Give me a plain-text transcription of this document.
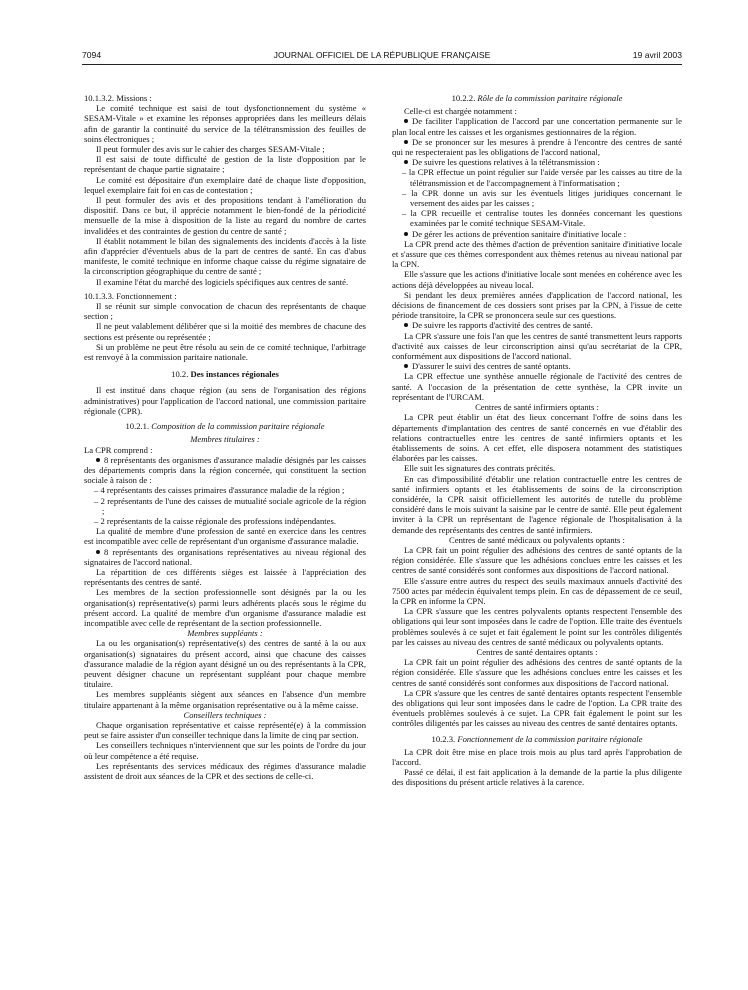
7094	JOURNAL OFFICIEL DE LA RÉPUBLIQUE FRANÇAISE	19 avril 2003

10.1.3.2. Missions :

Le comité technique est saisi de tout dysfonctionnement du système « SESAM-Vitale » et examine les réponses appropriées dans les meilleurs délais afin de garantir la continuité du service de la télétransmission des feuilles de soins électroniques ;

Il peut formuler des avis sur le cahier des charges SESAM-Vitale ;

Il est saisi de toute difficulté de gestion de la liste d'opposition par le représentant de chaque partie signataire ;

Le comité est dépositaire d'un exemplaire daté de chaque liste d'opposition, lequel exemplaire fait foi en cas de contestation ;

Il peut formuler des avis et des propositions tendant à l'amélioration du dispositif. Dans ce but, il apprécie notamment le bien-fondé de la périodicité mensuelle de la mise à disposition de la liste au regard du nombre de cartes invalidées et des contraintes de gestion du centre de santé ;

Il établit notamment le bilan des signalements des incidents d'accès à la liste afin d'apprécier d'éventuels abus de la part de centres de santé. En cas d'abus manifeste, le comité technique en informe chaque caisse du régime signataire de la circonscription géographique du centre de santé ;

Il examine l'état du marché des logiciels spécifiques aux centres de santé.

10.1.3.3. Fonctionnement :

Il se réunit sur simple convocation de chacun des représentants de chaque section ;

Il ne peut valablement délibérer que si la moitié des membres de chacune des sections est présente ou représentée ;

Si un problème ne peut être résolu au sein de ce comité technique, l'arbitrage est renvoyé à la commission paritaire nationale.

10.2. Des instances régionales

Il est institué dans chaque région (au sens de l'organisation des régions administratives) pour l'application de l'accord national, une commission paritaire régionale (CPR).

10.2.1. Composition de la commission paritaire régionale

Membres titulaires :

La CPR comprend :

8 représentants des organismes d'assurance maladie désignés par les caisses des départements compris dans la région concernée, qui constituent la section sociale à raison de :

– 4 représentants des caisses primaires d'assurance maladie de la région ;

– 2 représentants de l'une des caisses de mutualité sociale agricole de la région ;

– 2 représentants de la caisse régionale des professions indépendantes.

La qualité de membre d'une profession de santé en exercice dans les centres est incompatible avec celle de représentant d'un organisme d'assurance maladie.

8 représentants des organisations représentatives au niveau régional des signataires de l'accord national.

La répartition de ces différents sièges est laissée à l'appréciation des représentants des centres de santé.

Les membres de la section professionnelle sont désignés par la ou les organisation(s) représentative(s) parmi leurs adhérents placés sous le régime du présent accord. La qualité de membre d'un organisme d'assurance maladie est incompatible avec celle de représentant de la section professionnelle.

Membres suppléants :

La ou les organisation(s) représentative(s) des centres de santé à la ou aux organisation(s) signataires du présent accord, ainsi que chacune des caisses d'assurance maladie de la région ayant désigné un ou des représentants à la CPR, peuvent désigner chacune un représentant suppléant pour chaque membre titulaire.

Les membres suppléants siègent aux séances en l'absence d'un membre titulaire appartenant à la même organisation représentative ou à la même caisse.

Conseillers techniques :

Chaque organisation représentative et caisse représenté(e) à la commission peut se faire assister d'un conseiller technique dans la limite de cinq par section.

Les conseillers techniques n'interviennent que sur les points de l'ordre du jour où leur compétence a été requise.

Les représentants des services médicaux des régimes d'assurance maladie assistent de droit aux séances de la CPR et des sections de celle-ci.

10.2.2. Rôle de la commission paritaire régionale

Celle-ci est chargée notamment :

De faciliter l'application de l'accord par une concertation permanente sur le plan local entre les caisses et les organismes gestionnaires de la région.

De se prononcer sur les mesures à prendre à l'encontre des centres de santé qui ne respecteraient pas les obligations de l'accord national,

De suivre les questions relatives à la télétransmission :

– la CPR effectue un point régulier sur l'aide versée par les caisses au titre de la télétransmission et de l'accompagnement à l'informatisation ;

– la CPR donne un avis sur les éventuels litiges juridiques concernant le versement des aides par les caisses ;

– la CPR recueille et centralise toutes les données concernant les questions examinées par le comité technique SESAM-Vitale.

De gérer les actions de prévention sanitaire d'initiative locale :

La CPR prend acte des thèmes d'action de prévention sanitaire d'initiative locale et s'assure que ces thèmes correspondent aux thèmes retenus au niveau national par la CPN.

Elle s'assure que les actions d'initiative locale sont menées en cohérence avec les actions déjà développées au niveau local.

Si pendant les deux premières années d'application de l'accord national, les décisions de financement de ces dossiers sont prises par la CPN, à l'issue de cette période transitoire, la CPR se prononcera seule sur ces questions.

De suivre les rapports d'activité des centres de santé.

La CPR s'assure une fois l'an que les centres de santé transmettent leurs rapports d'activité aux caisses de leur circonscription ainsi qu'au secrétariat de la CPR, conformément aux dispositions de l'accord national.

D'assurer le suivi des centres de santé optants.

La CPR effectue une synthèse annuelle régionale de l'activité des centres de santé. A l'occasion de la présentation de cette synthèse, la CPR invite un représentant de l'URCAM.

Centres de santé infirmiers optants :

La CPR peut établir un état des lieux concernant l'offre de soins dans les départements d'implantation des centres de santé concernés en vue d'établir des relations contractuelles entre les centres de santé infirmiers optants et les établissements de soins. A cet effet, elle disposera notamment des statistiques élaborées par les caisses.

Elle suit les signatures des contrats précités.

En cas d'impossibilité d'établir une relation contractuelle entre les centres de santé infirmiers optants et les établissements de soins de la circonscription considérée, la CPR saisit officiellement les autorités de tutelle du problème considéré dans le mois suivant la saisine par le centre de santé. Elle peut également inviter à la CPR un représentant de l'agence régionale de l'hospitalisation à la demande des représentants des centres de santé infirmiers.

Centres de santé médicaux ou polyvalents optants :

La CPR fait un point régulier des adhésions des centres de santé optants de la région considérée. Elle s'assure que les adhésions conclues entre les caisses et les centres de santé considérés sont conformes aux dispositions de l'accord national.

Elle s'assure entre autres du respect des seuils maximaux annuels d'activité des 7500 actes par médecin équivalent temps plein. En cas de dépassement de ce seuil, la CPR en informe la CPN.

La CPR s'assure que les centres polyvalents optants respectent l'ensemble des obligations qui leur sont imposées dans le cadre de l'option. Elle traite des éventuels problèmes soulevés à ce sujet et fait également le point sur les contrôles diligentés par les caisses au niveau des centres de santé médicaux ou polyvalents optants.

Centres de santé dentaires optants :

La CPR fait un point régulier des adhésions des centres de santé optants de la région considérée. Elle s'assure que les adhésions conclues entre les caisses et les centres de santé considérés sont conformes aux dispositions de l'accord national.

La CPR s'assure que les centres de santé dentaires optants respectent l'ensemble des obligations qui leur sont imposées dans le cadre de l'option. La CPR traite des éventuels problèmes soulevés à ce sujet. La CPR fait également le point sur les contrôles diligentés par les caisses au niveau des centres de santé dentaires optants.

10.2.3. Fonctionnement de la commission paritaire régionale

La CPR doit être mise en place trois mois au plus tard après l'approbation de l'accord.

Passé ce délai, il est fait application à la demande de la partie la plus diligente des dispositions du présent article relatives à la carence.
